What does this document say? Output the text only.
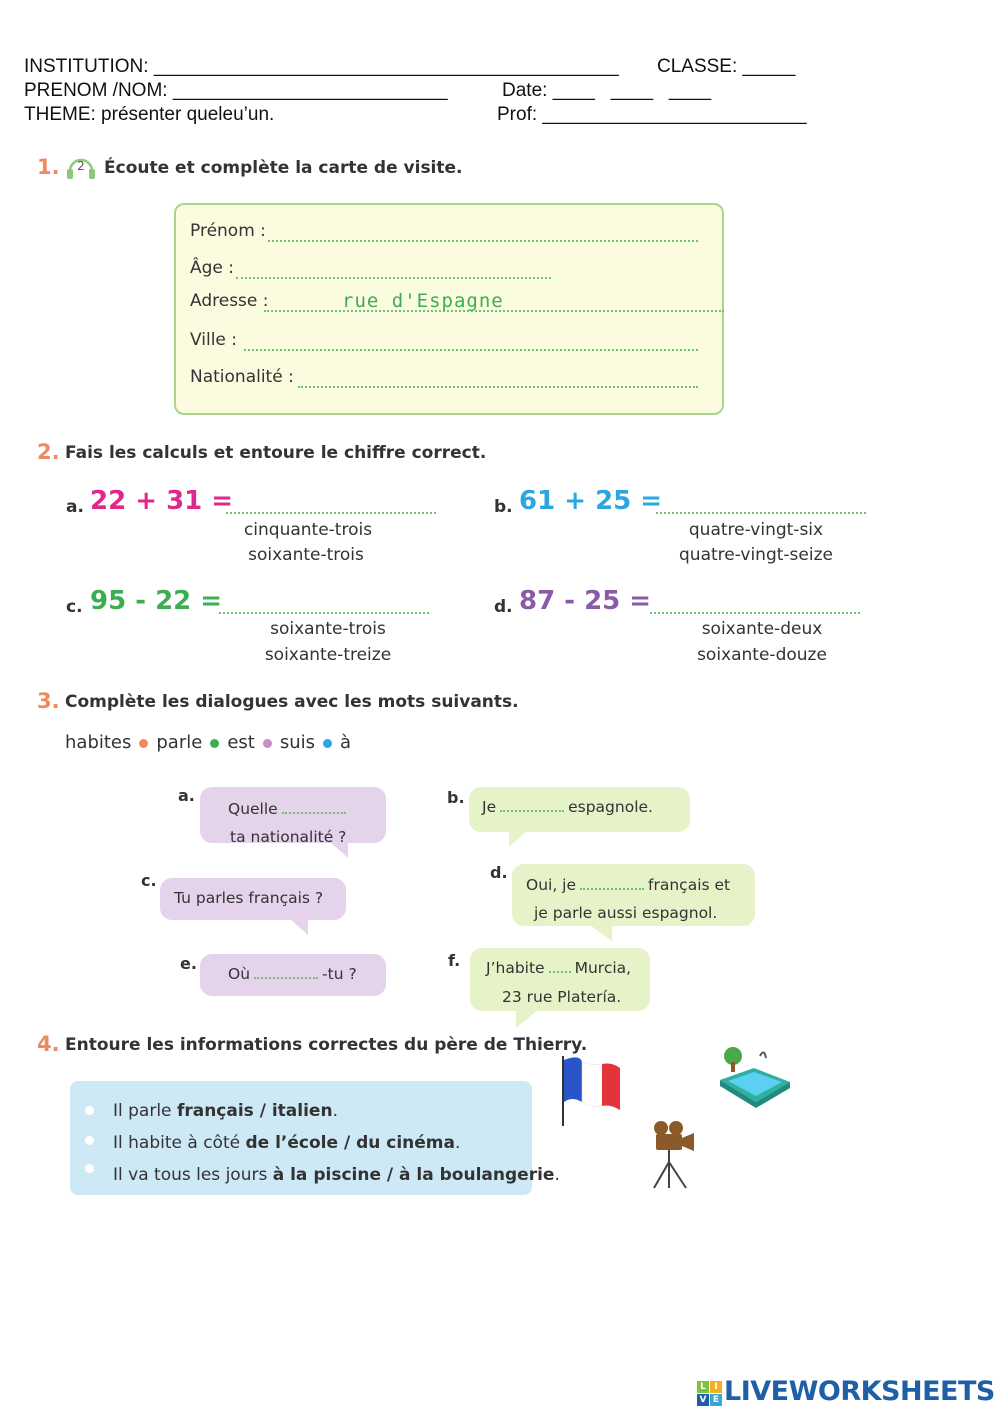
INSTITUTION: ____________________________________________ CLASSE: _____
PRENOM /NOM: __________________________	Date: ____   ____   ____
THEME: présenter queleu’un.	Prof: _________________________
1. 2 Écoute et complète la carte de visite.
Prénom :
Âge :
Adresse :	rue d'Espagne
Ville :
Nationalité :
2. Fais les calculs et entoure le chiffre correct.
a. 22 + 31 =
cinquante-trois
soixante-trois
b. 61 + 25 =
quatre-vingt-six
quatre-vingt-seize
c. 95 - 22 =
soixante-trois
soixante-treize
d. 87 - 25 =
soixante-deux
soixante-douze
3. Complète les dialogues avec les mots suivants.
habites parle est suis à
a.
Quelle
ta nationalité ?
b.	Je	espagnole.
c.
Tu parles français ?
d.
Oui, je	français et
je parle aussi espagnol.
e.
Où	-tu ?
f. J’habite Murcia,
23 rue Platería.
4. Entoure les informations correctes du père de Thierry.
Il parle français / italien.
Il habite à côté de l’école / du cinéma.
Il va tous les jours à la piscine / à la boulangerie.
L I
V E LIVEWORKSHEETS
